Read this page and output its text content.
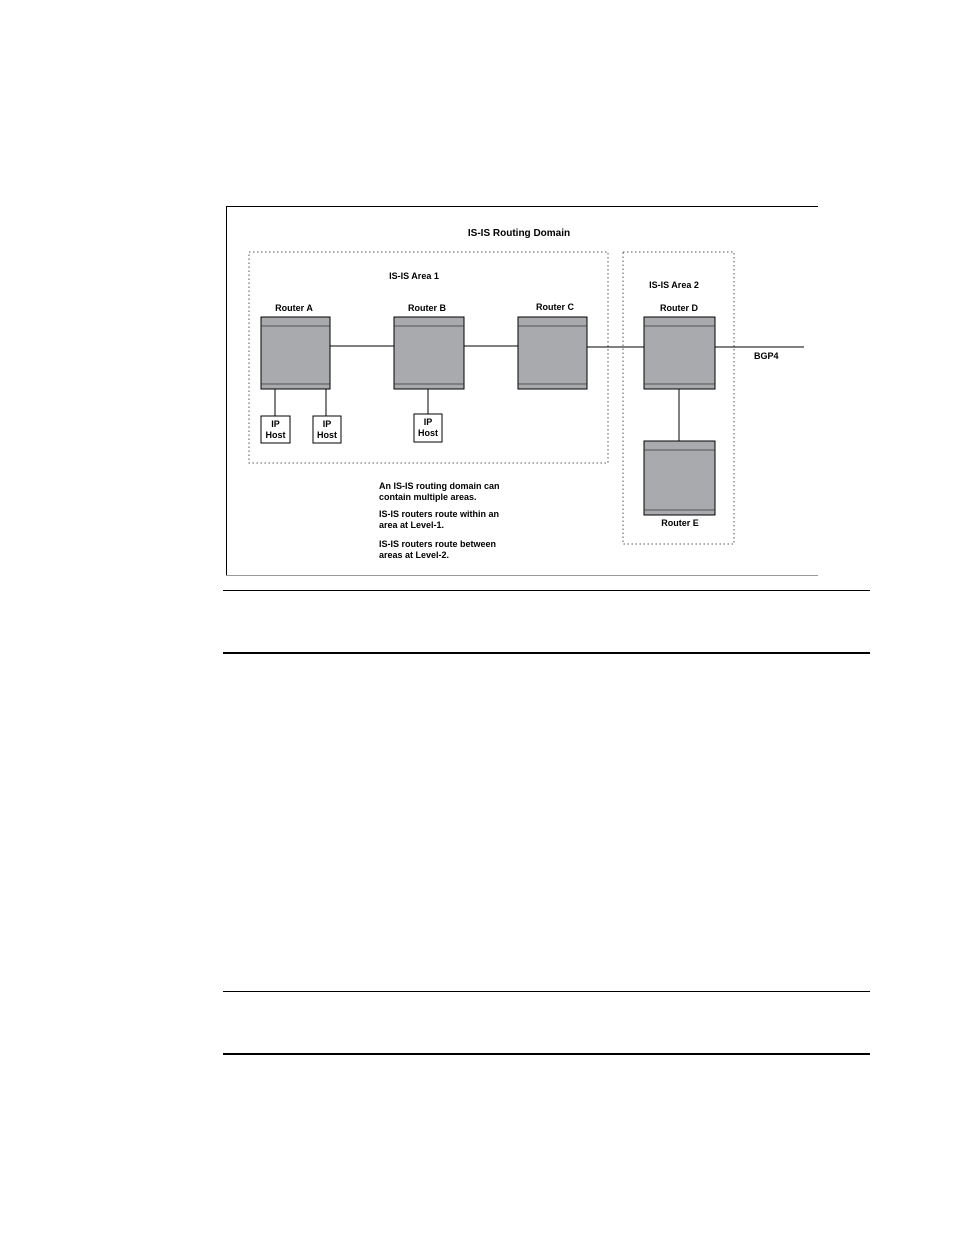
IS-IS Routing Domain
IS-IS Area 1
IS-IS Area 2
Router A	Router B	Router C	Router D
Router E
IP
Host
IP
Host
IP
Host
BGP4
An IS-IS routing domain can
contain multiple areas.
IS-IS routers route within an
area at Level-1.
IS-IS routers route between
areas at Level-2.
